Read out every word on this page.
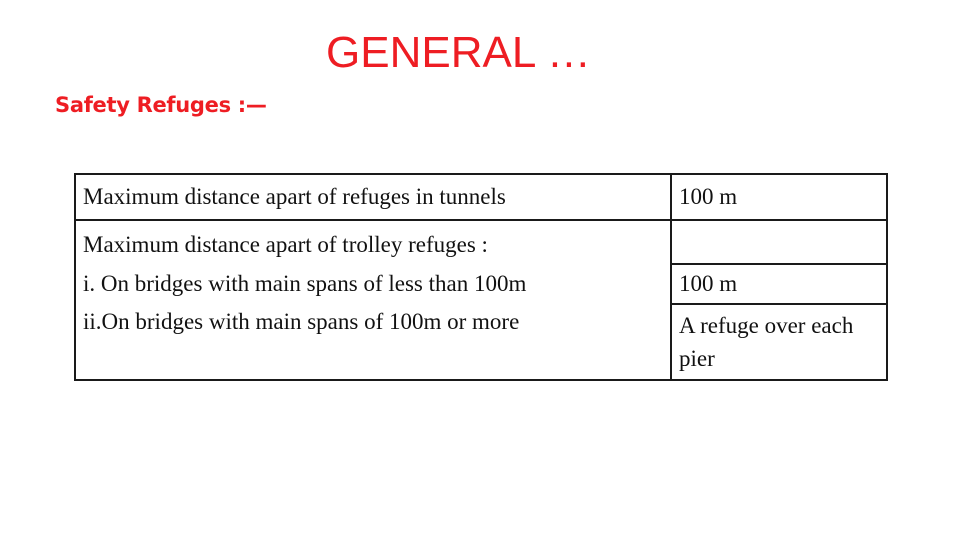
GENERAL …
Safety Refuges :—
Maximum distance apart of refuges in tunnels	100 m
Maximum distance apart of trolley refuges :	
i. On bridges with main spans of less than 100m	100 m
ii.On bridges with main spans of 100m or more	A refuge over each pier
